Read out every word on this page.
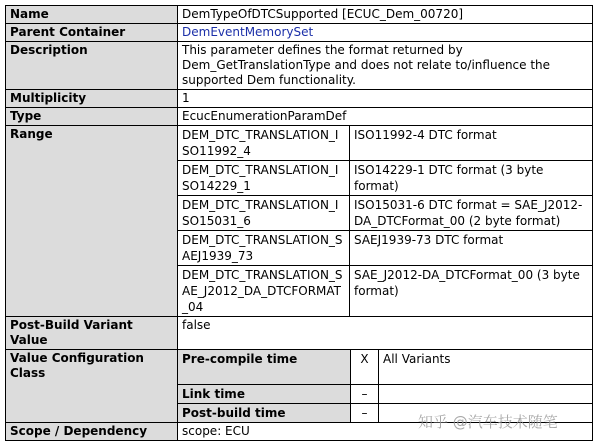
Name	DemTypeOfDTCSupported [ECUC_Dem_00720]
Parent Container	DemEventMemorySet
Description	This parameter defines the format returned by Dem_GetTranslationType and does not relate to/influence the supported Dem functionality.
Multiplicity	1
Type	EcucEnumerationParamDef
Range		DEM_DTC_TRANSLATION_ISO11992_4	ISO11992-4 DTC format
DEM_DTC_TRANSLATION_ISO14229_1	ISO14229-1 DTC format (3 byte format)
DEM_DTC_TRANSLATION_ISO15031_6	ISO15031-6 DTC format = SAE_J2012-DA_DTCFormat_00 (2 byte format)
DEM_DTC_TRANSLATION_SAEJ1939_73	SAEJ1939-73 DTC format
DEM_DTC_TRANSLATION_SAE_J2012_DA_DTCFORMAT_04	SAE_J2012-DA_DTCFormat_00 (3 byte format)

Post-Build Variant Value	false
Value Configuration Class	
Pre-compile time	X	All Variants
Link time	–	
Post-build time	–	

Scope / Dependency	scope: ECU	知乎 @汽车技术随笔
